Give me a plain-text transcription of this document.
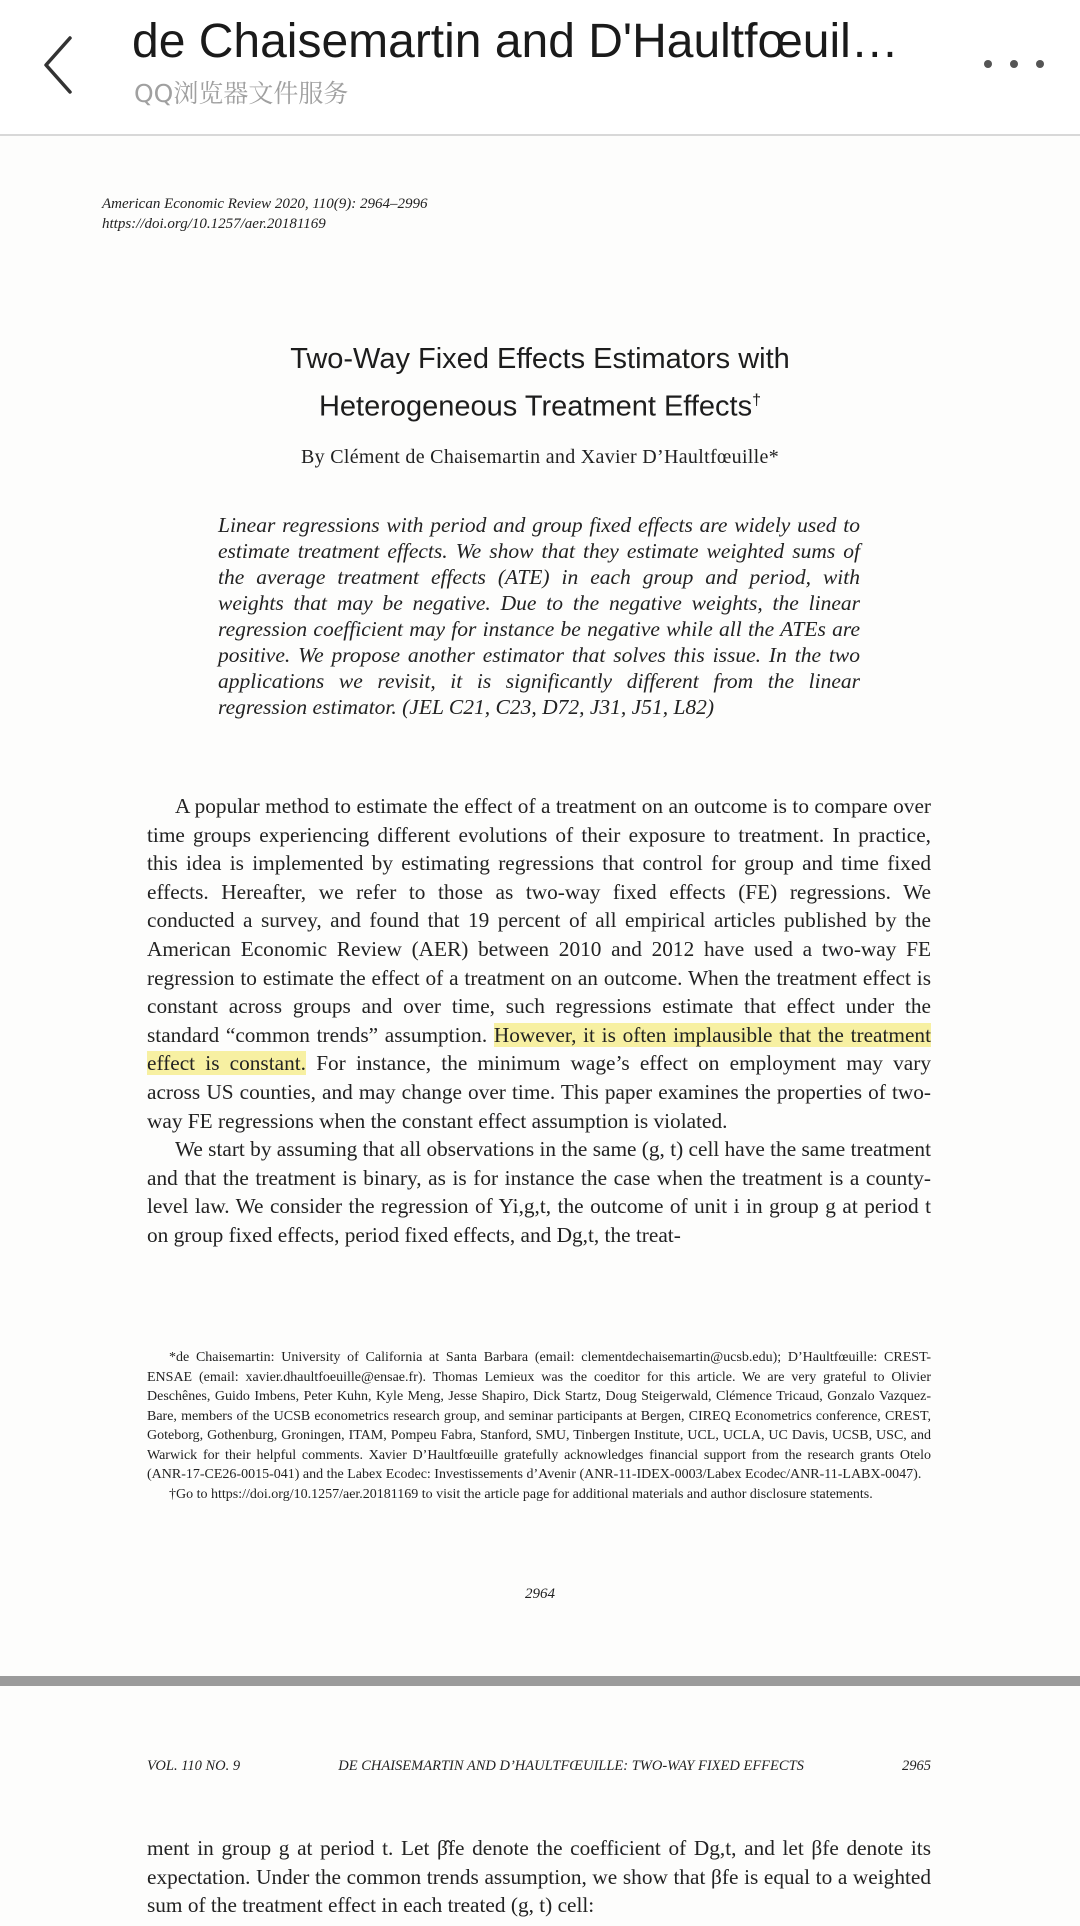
de Chaisemartin and D'Haultfœuil…
QQ浏览器文件服务
American Economic Review 2020, 110(9): 2964–2996
https://doi.org/10.1257/aer.20181169
Two-Way Fixed Effects Estimators with
Heterogeneous Treatment Effects†
By Clément de Chaisemartin and Xavier D’Haultfœuille*
Linear regressions with period and group fixed effects are widely used to estimate treatment effects. We show that they estimate weighted sums of the average treatment effects (ATE) in each group and period, with weights that may be negative. Due to the negative weights, the linear regression coefficient may for instance be negative while all the ATEs are positive. We propose another estimator that solves this issue. In the two applications we revisit, it is significantly different from the linear regression estimator. (JEL C21, C23, D72, J31, J51, L82)

A popular method to estimate the effect of a treatment on an outcome is to compare over time groups experiencing different evolutions of their exposure to treatment. In practice, this idea is implemented by estimating regressions that control for group and time fixed effects. Hereafter, we refer to those as two-way fixed effects (FE) regressions. We conducted a survey, and found that 19 percent of all empirical articles published by the American Economic Review (AER) between 2010 and 2012 have used a two-way FE regression to estimate the effect of a treatment on an outcome. When the treatment effect is constant across groups and over time, such regressions estimate that effect under the standard “common trends” assumption. However, it is often implausible that the treatment effect is constant. For instance, the minimum wage’s effect on employment may vary across US counties, and may change over time. This paper examines the properties of two-way FE regressions when the constant effect assumption is violated.

We start by assuming that all observations in the same (g, t) cell have the same treatment and that the treatment is binary, as is for instance the case when the treatment is a county-level law. We consider the regression of Yi,g,t, the outcome of unit i in group g at period t on group fixed effects, period fixed effects, and Dg,t, the treat-

*de Chaisemartin: University of California at Santa Barbara (email: clementdechaisemartin@ucsb.edu); D’Haultfœuille: CREST-ENSAE (email: xavier.dhaultfoeuille@ensae.fr). Thomas Lemieux was the coeditor for this article. We are very grateful to Olivier Deschênes, Guido Imbens, Peter Kuhn, Kyle Meng, Jesse Shapiro, Dick Startz, Doug Steigerwald, Clémence Tricaud, Gonzalo Vazquez-Bare, members of the UCSB econometrics research group, and seminar participants at Bergen, CIREQ Econometrics conference, CREST, Goteborg, Gothenburg, Groningen, ITAM, Pompeu Fabra, Stanford, SMU, Tinbergen Institute, UCL, UCLA, UC Davis, UCSB, USC, and Warwick for their helpful comments. Xavier D’Haultfœuille gratefully acknowledges financial support from the research grants Otelo (ANR-17-CE26-0015-041) and the Labex Ecodec: Investissements d’Avenir (ANR-11-IDEX-0003/Labex Ecodec/ANR-11-LABX-0047).

†Go to https://doi.org/10.1257/aer.20181169 to visit the article page for additional materials and author disclosure statements.

2964
VOL. 110 NO. 9	DE CHAISEMARTIN AND D’HAULTFŒUILLE: TWO-WAY FIXED EFFECTS	2965

ment in group g at period t. Let β̂fe denote the coefficient of Dg,t, and let βfe denote its expectation. Under the common trends assumption, we show that βfe is equal to a weighted sum of the treatment effect in each treated (g, t) cell:
